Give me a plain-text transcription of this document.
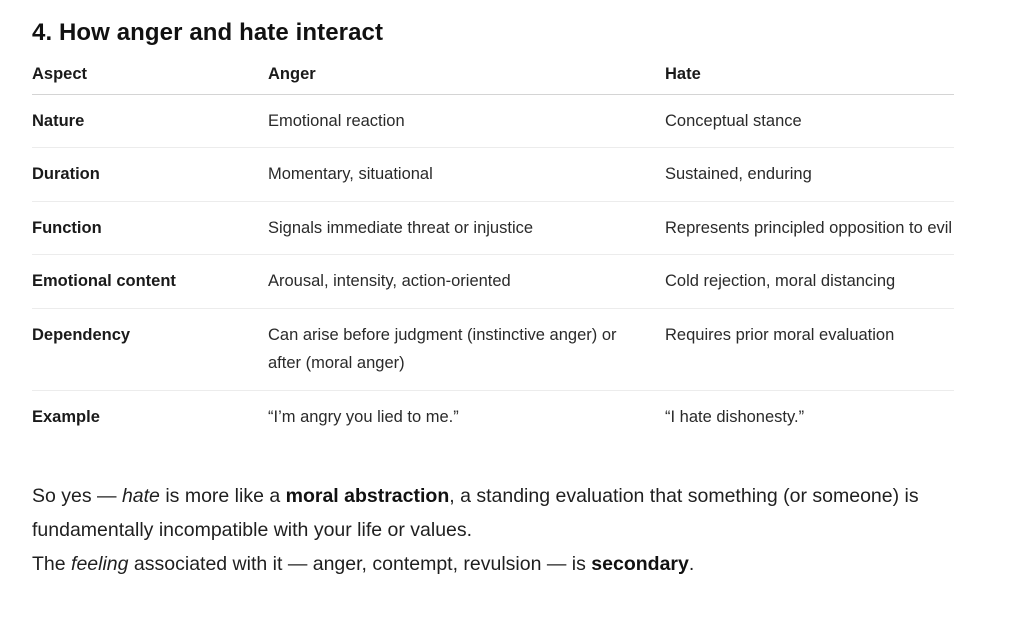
4. How anger and hate interact
Aspect	Anger	Hate
Nature	Emotional reaction	Conceptual stance
Duration	Momentary, situational	Sustained, enduring
Function	Signals immediate threat or injustice	Represents principled opposition to evil
Emotional content	Arousal, intensity, action-oriented	Cold rejection, moral distancing
Dependency	Can arise before judgment (instinctive anger) or after (moral anger)	Requires prior moral evaluation
Example	“I’m angry you lied to me.”	“I hate dishonesty.”

So yes — hate is more like a moral abstraction, a standing evaluation that something (or someone) is fundamentally incompatible with your life or values.

The feeling associated with it — anger, contempt, revulsion — is secondary.
